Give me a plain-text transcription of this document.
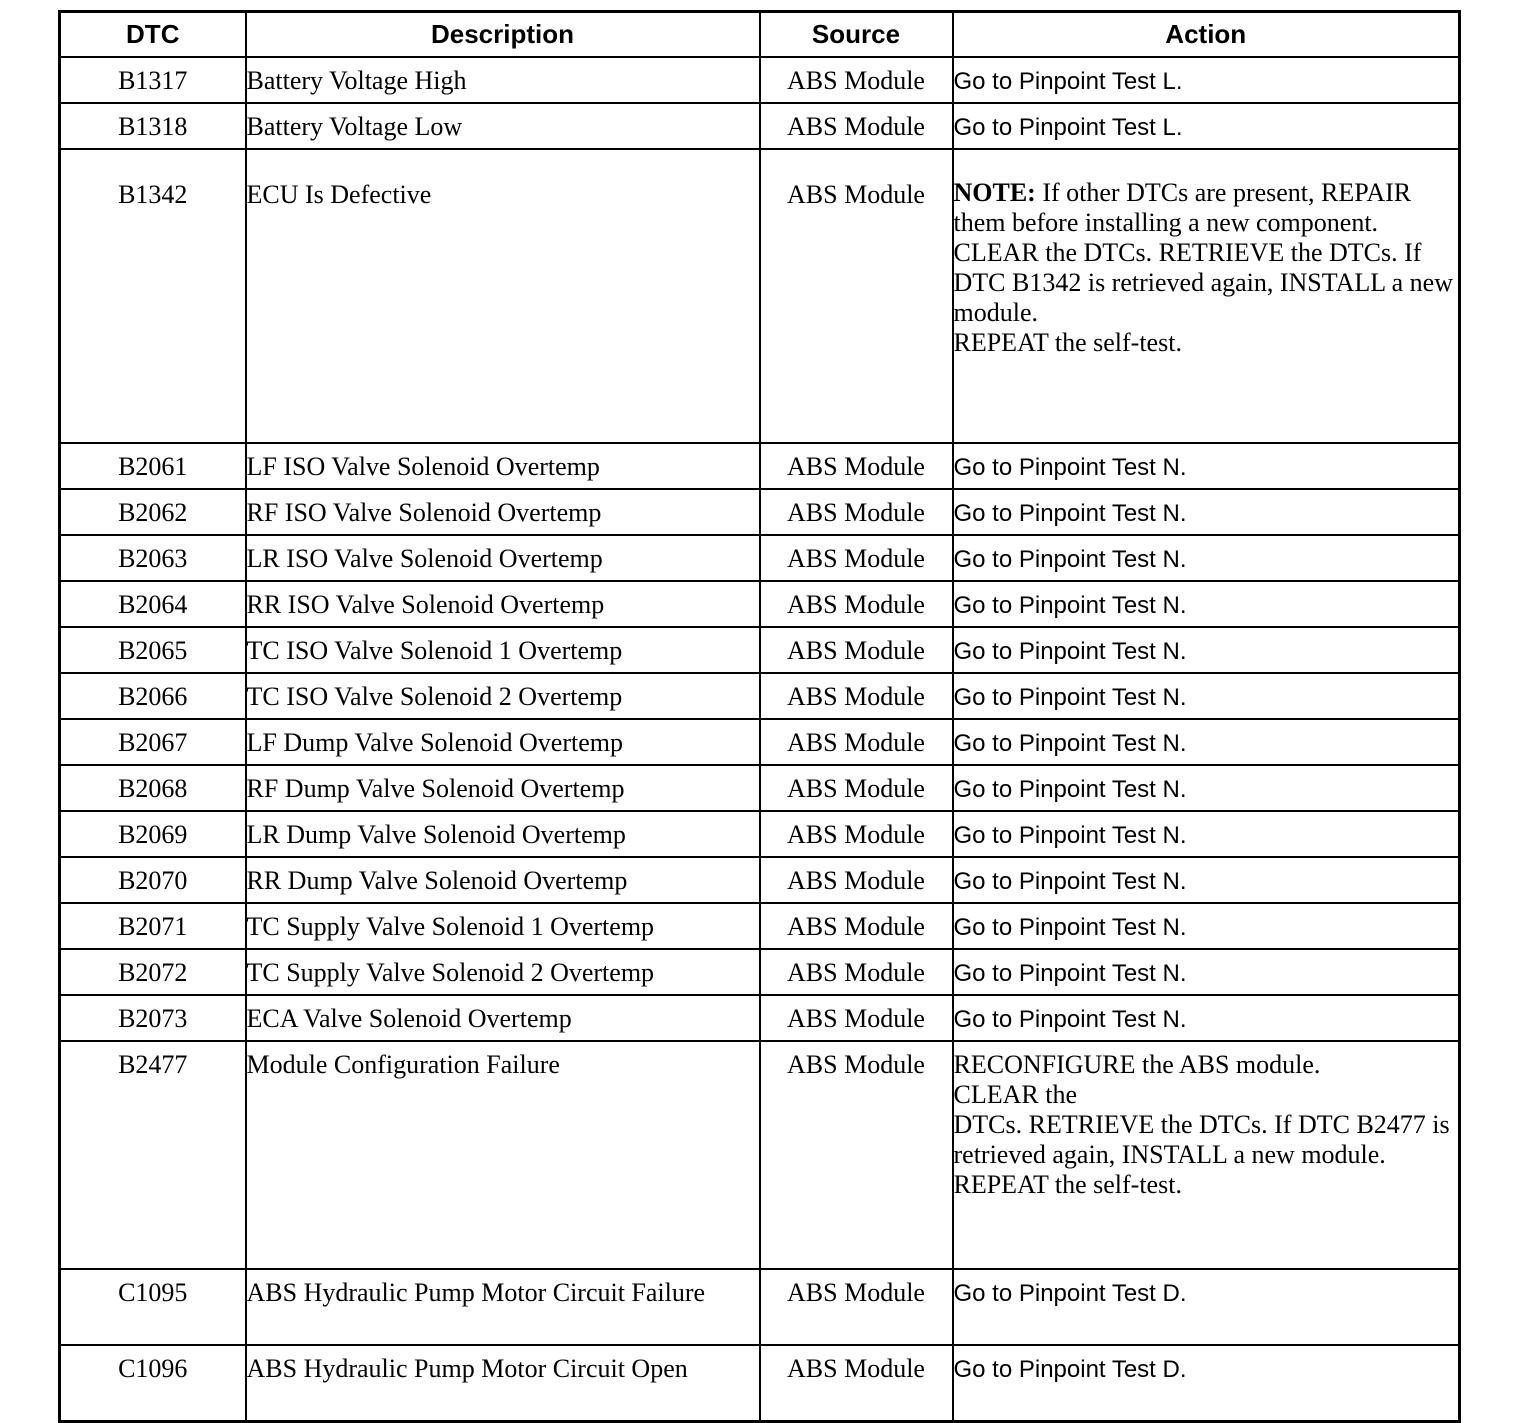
DTC	Description	Source	Action
B1317	Battery Voltage High	ABS Module	Go to Pinpoint Test L.
B1318	Battery Voltage Low	ABS Module	Go to Pinpoint Test L.
B1342	ECU Is Defective	ABS Module	NOTE: If other DTCs are present, REPAIR them before installing a new component.
CLEAR the DTCs. RETRIEVE the DTCs. If DTC B1342 is retrieved again, INSTALL a new module.
REPEAT the self-test.

B2061	LF ISO Valve Solenoid Overtemp	ABS Module	Go to Pinpoint Test N.
B2062	RF ISO Valve Solenoid Overtemp	ABS Module	Go to Pinpoint Test N.
B2063	LR ISO Valve Solenoid Overtemp	ABS Module	Go to Pinpoint Test N.
B2064	RR ISO Valve Solenoid Overtemp	ABS Module	Go to Pinpoint Test N.
B2065	TC ISO Valve Solenoid 1 Overtemp	ABS Module	Go to Pinpoint Test N.
B2066	TC ISO Valve Solenoid 2 Overtemp	ABS Module	Go to Pinpoint Test N.
B2067	LF Dump Valve Solenoid Overtemp	ABS Module	Go to Pinpoint Test N.
B2068	RF Dump Valve Solenoid Overtemp	ABS Module	Go to Pinpoint Test N.
B2069	LR Dump Valve Solenoid Overtemp	ABS Module	Go to Pinpoint Test N.
B2070	RR Dump Valve Solenoid Overtemp	ABS Module	Go to Pinpoint Test N.
B2071	TC Supply Valve Solenoid 1 Overtemp	ABS Module	Go to Pinpoint Test N.
B2072	TC Supply Valve Solenoid 2 Overtemp	ABS Module	Go to Pinpoint Test N.
B2073	ECA Valve Solenoid Overtemp	ABS Module	Go to Pinpoint Test N.
B2477	Module Configuration Failure	ABS Module	RECONFIGURE the ABS module.
CLEAR the
DTCs. RETRIEVE the DTCs. If DTC B2477 is retrieved again, INSTALL a new module.
REPEAT the self-test.

C1095	ABS Hydraulic Pump Motor Circuit Failure	ABS Module	Go to Pinpoint Test D.
C1096	ABS Hydraulic Pump Motor Circuit Open	ABS Module	Go to Pinpoint Test D.
